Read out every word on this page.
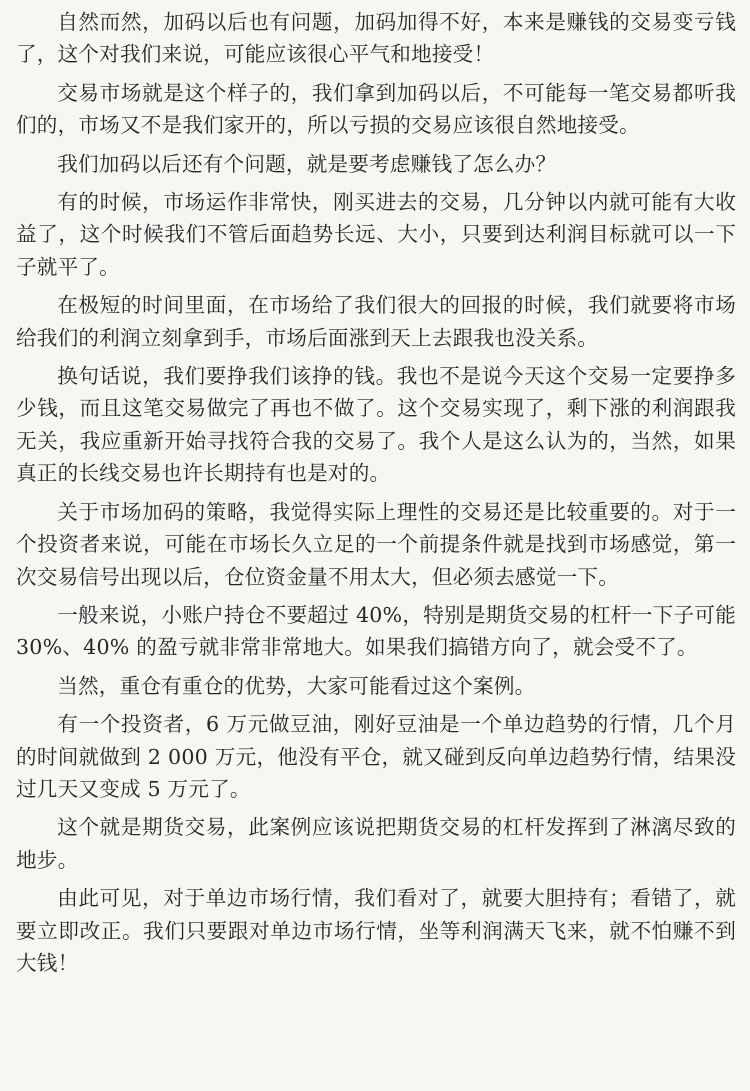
自然而然，加码以后也有问题，加码加得不好，本来是赚钱的交易变亏钱了，这个对我们来说，可能应该很心平气和地接受！

交易市场就是这个样子的，我们拿到加码以后，不可能每一笔交易都听我们的，市场又不是我们家开的，所以亏损的交易应该很自然地接受。

我们加码以后还有个问题，就是要考虑赚钱了怎么办？

有的时候，市场运作非常快，刚买进去的交易，几分钟以内就可能有大收益了，这个时候我们不管后面趋势长远、大小，只要到达利润目标就可以一下子就平了。

在极短的时间里面，在市场给了我们很大的回报的时候，我们就要将市场给我们的利润立刻拿到手，市场后面涨到天上去跟我也没关系。

换句话说，我们要挣我们该挣的钱。我也不是说今天这个交易一定要挣多少钱，而且这笔交易做完了再也不做了。这个交易实现了，剩下涨的利润跟我无关，我应重新开始寻找符合我的交易了。我个人是这么认为的，当然，如果真正的长线交易也许长期持有也是对的。

关于市场加码的策略，我觉得实际上理性的交易还是比较重要的。对于一个投资者来说，可能在市场长久立足的一个前提条件就是找到市场感觉，第一次交易信号出现以后，仓位资金量不用太大，但必须去感觉一下。

一般来说，小账户持仓不要超过 40%，特别是期货交易的杠杆一下子可能 30%、40% 的盈亏就非常非常地大。如果我们搞错方向了，就会受不了。

当然，重仓有重仓的优势，大家可能看过这个案例。

有一个投资者，6 万元做豆油，刚好豆油是一个单边趋势的行情，几个月的时间就做到 2 000 万元，他没有平仓，就又碰到反向单边趋势行情，结果没过几天又变成 5 万元了。

这个就是期货交易，此案例应该说把期货交易的杠杆发挥到了淋漓尽致的地步。

由此可见，对于单边市场行情，我们看对了，就要大胆持有；看错了，就要立即改正。我们只要跟对单边市场行情，坐等利润满天飞来，就不怕赚不到大钱！
